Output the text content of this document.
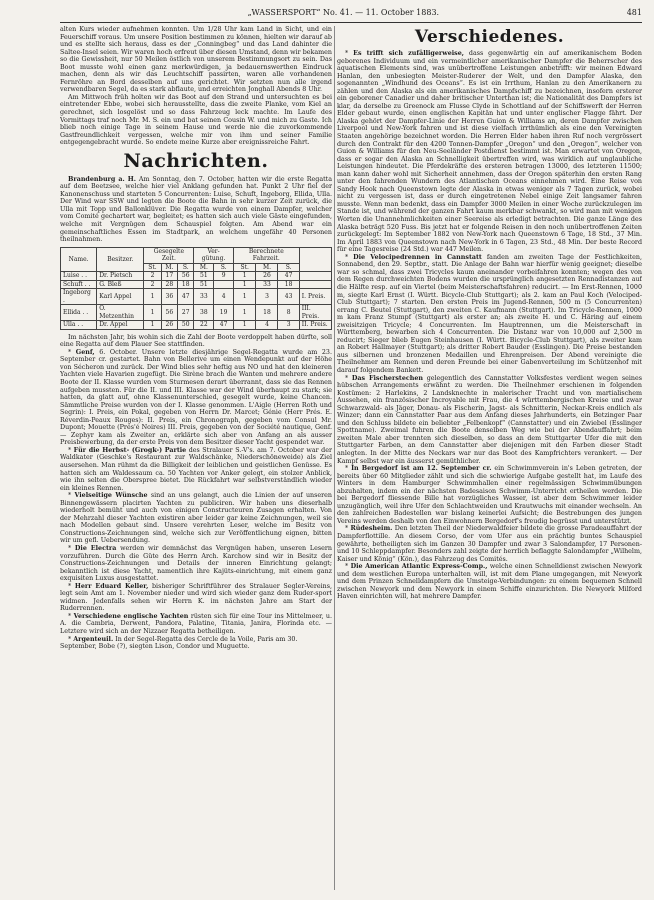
„WASSERSPORT“ No. 41. — 11. October 1883.	481

alten Kurs wieder aufnehmen konnten. Um 1/28 Uhr kam Land in Sicht, und ein Feuerschiff voraus. Um unsere Position bestimmen zu können, hielten wir darauf ab und es stellte sich heraus, dass es der „Conningbeg“ und das Land dahinter die Saltee-Insel seien. Wir waren hoch erfreut über diesen Umstand, denn wir bekamen so die Gewissheit, nur 50 Meilen östlich von unserem Bestimmungsort zu sein. Das Boot musste wohl einen ganz merkwürdigen, ja bedauernswerthen Eindruck machen, denn als wir das Leuchtschiff passirten, waren alle vorhandenen Fernröhre an Bord desselben auf uns gerichtet. Wir setzten nun alle irgend verwendbaren Segel, da es stark abflaute, und erreichten Jonghall Abends 8 Uhr.

Am Mittwoch früh holten wir das Boot auf den Strand und untersuchten es bei eintretender Ebbe, wobei sich herausstellte, dass die zweite Planke, vom Kiel an gerechnet, sich losgelöst und so dass Fahrzeug leck machte. Im Laufe des Vormittags traf noch Mr. M. S. ein und bat seinen Cousin W. und mich zu Gaste. Ich blieb noch einige Tage in seinem Hause und werde nie die zuvorkommende Gastfreundlichkeit vergessen, welche mir von ihm und seiner Familie entgegengebracht wurde. So endete meine Kurze aber ereignissreiche Fahrt.

Nachrichten.

Brandenburg a. H. Am Sonntag, den 7. October, hatten wir die erste Regatta auf dem Beetzsee, welche hier viel Anklang gefunden hat. Punkt 2 Uhr fiel der Kanonenschuss und starteten 5 Concurrenten: Luise, Schuft, Ingeborg, Ellida, Ulla. Der Wind war SSW und legten die Boote die Bahn in sehr kurzer Zeit zurück, die Ulla mit Topp und Ballonklüver. Die Regatta wurde von einem Dampfer, welcher vom Comité gechartert war, begleitet; es hatten sich auch viele Gäste eingefunden, welche mit Vergnügen dem Schauspiel folgten. Am Abend war ein gemeinschaftliches Essen im Stadtpark, an welchem ungefähr 40 Personen theilnahmen.

Name.	Besitzer.	Gesegelte Zeit.			Ver-gütung.		Berechnete Fahrzeit.			
		St.	M.	S.	M.	S.	St.	M.	S.	
Luise . .	Dr. Pietsch	2	17	56	51	9	1	26	47	
Schuft . .	G. Bleß	2	28	18	51		1	33	18	
Ingeborg .	Karl Appel	1	36	47	33	4	1	3	43	I. Preis.
Ellida . .	O. Metzenthin	1	56	27	38	19	1	18	8	III. Preis.
Ulla . .	Dr. Appel	1	26	50	22	47	1	4	3	II. Preis.

Im nächsten Jahr, bis wohin sich die Zahl der Boote verdoppelt haben dürfte, soll eine Regatta auf dem Plauer See stattfinden.

* Genf, 6. October. Unsere letzte diesjährige Segel-Regatta wurde am 23. September cr. gestartet. Bahn von Bellerive um einen Wendepunkt auf der Höhe von Sécheron und zurück. Der Wind blies sehr heftig aus NO und hat den kleineren Yachten viele Havarien zugefügt. Die Sirène brach die Wanten und mehrere andere Boote der II. Klasse wurden vom Sturmesen derart überrannt, dass sie das Rennen aufgeben mussten. Für die II. und III. Klasse war der Wind überhaupt zu stark; sie hatten, da glatt auf, ohne Klassenunterschied, gesegelt wurde, keine Chancen. Sämmtliche Preise wurden von der I. Klasse genommen. L'Aigle (Herren Roth und Segrin): I. Preis, ein Pokal, gegeben von Herrn Dr. Marcet; Génie (Herr Prés. E. Réverdin-Peaux Rouges): II. Preis, ein Chronograph, gegeben vom Consul Mr. Dupont; Mouette (Prés'é Noires) III. Preis, gegeben von der Société nautique, Genf. — Zephyr kam als Zweiter an, erklärte sich aber von Anfang an als ausser Preisbewerbung, da der erste Preis von dem Besitzer dieser Yacht gespendet war.

* Für die Herbst- (Grogk-) Partie des Stralauer S.-V's. am 7. October war der Waldkater (Geschke's Restaurant zur Waldschänke, Niederschöneweide) als Ziel ausersehen. Man rühmt da die Billigkeit der leiblichen und geistlichen Genüsse. Es hatten sich am Waldessaum ca. 50 Yachten vor Anker gelegt, ein stolzer Anblick, wie ihn selten die Oberspree bietet. Die Rückfahrt war selbstverständlich wieder ein kleines Rennen.

* Vielseitige Wünsche sind an uns gelangt, auch die Linien der auf unseren Binnengewässern placirten Yachten zu publiciren. Wir haben uns dieserhalb wiederholt bemüht und auch von einigen Constructeuren Zusagen erhalten. Von der Mehrzahl dieser Yachten existiren aber leider gar keine Zeichnungen, weil sie nach Modellen gebaut sind. Unsere verehrten Leser, welche im Besitz von Constructions-Zeichnungen sind, welche sich zur Veröffentlichung eignen, bitten wir um gefl. Uebersendung.

* Die Electra werden wir demnächst das Vergnügen haben, unseren Lesern vorzuführen. Durch die Güte des Herrn Arch. Karchow sind wir in Besitz der Constructions-Zeichnungen und Details der inneren Einrichtung gelangt; bekanntlich ist diese Yacht, namentlich ihre Kajüts-einrichtung, mit einem ganz exquisiten Luxus ausgestattet.

* Herr Eduard Keller, bisheriger Schriftführer des Stralauer Segler-Vereins, legt sein Amt am 1. November nieder und wird sich wieder ganz dem Ruder-sport widmen. Jedenfalls sehen wir Herrn K. im nächsten Jahre am Start der Ruderrennen.

* Verschiedene englische Yachten rüsten sich für eine Tour ins Mittelmeer, u. A. die Cambria, Derwent, Pandora, Palatine, Titania, Janira, Florinda etc. — Letztere wird sich an der Nizzaer Regatta betheiligen.

* Argenteuil. In der Segel-Regatta des Cercle de la Voile, Paris am 30. September, Bobe (?), siegten Lison, Condor und Muguette.

Verschiedenes.

* Es trifft sich zufälligerweise, dass gegenwärtig ein auf amerikanischem Boden geborenes Individuum und ein vermeintlicher amerikanischer Dampfer die Beherrscher des aquatischen Elements sind, was unübertroffene Leistungen anbetrifft: wir meinen Edward Hanlan, den unbesiegten Meister-Ruderer der Welt, und den Dampfer Alaska, den sogenannten „Windhund des Oceans“. Es ist ein Irrthum, Hanlan zu den Amerikanern zu zählen und den Alaska als ein amerikanisches Dampfschiff zu bezeichnen, insofern ersterer ein geborener Canadier und daher britischer Unterthan ist; die Nationalität des Dampfers ist klar, da derselbe zu Greenock am Flusse Clyde in Schottland auf der Schiffswerft der Herren Elder gebaut wurde, einen englischen Kapitän hat und unter englischer Flagge fährt. Der Alaska gehört der Dampfer-Linie der Herren Guion & Williams an, deren Dampfer zwischen Liverpool und New-York fahren und ist diese vielfach irrthümlich als eine den Vereinigten Staaten angehörige bezeichnet worden. Die Herren Elder haben ihren Ruf noch vergrössert durch den Contrakt für den 4200 Tonnen-Dampfer „Oregon“ und den „Oregon“, welcher von Guion & Williams für den Neu-Seeländer Postdienst bestimmt ist. Man erwartet von Oregon, dass er sogar den Alaska an Schnelligkeit übertreffen wird, was wirklich auf unglaubliche Leistungen hindeutet. Die Pferdekräfte des ersteren betragen 13000, des letzteren 11500; man kann daher wohl mit Sicherheit annehmen, dass der Oregon späterhin den ersten Rang unter den fahrenden Wundern des Atlantischen Oceans einnehmen wird. Eine Reise von Sandy Hook nach Queenstown legte der Alaska in etwas weniger als 7 Tagen zurück, wobei nicht zu vergessen ist, dass er durch eingetretenen Nebel einige Zeit langsamer fahren musste. Wenn man bedenkt, dass ein Dampfer 3000 Meilen in einer Woche zurückzulegen im Stande ist, und während der ganzen Fahrt kaum merkbar schwankt, so wird man mit wenigen Worten die Unannehmlichkeiten einer Seereise als erledigt betrachten. Die ganze Länge des Alaska beträgt 520 Fuss. Bis jetzt hat er folgende Reisen in den noch unübertroffenen Zeiten zurückgelegt: Im September 1882 von New-York nach Queenstown 6 Tage, 18 Std., 37 Min. Im April 1883 von Queenstown nach New-York in 6 Tagen, 23 Std., 48 Min. Der beste Record für eine Tagesreise (24 Std.) war 447 Meilen.

* Die Velocipedrennen in Cannstatt fanden am zweiten Tage der Festlichkeiten, Sonnabend, den 29. Septbr., statt. Die Anlage der Bahn war hierfür wenig geeignet; dieselbe war so schmal, dass zwei Tricycles kaum aneinander vorbeifahren konnten; wegen des von dem Regen durchweichten Bodens wurden die ursprünglich angesetzten Rennadistanzen auf die Hälfte resp. auf ein Viertel (beim Meisterschaftsfahren) reducirt. — Im Erst-Rennen, 1000 m, siegte Karl Ernst (I. Württ. Bicycle-Club Stuttgart); als 2. kam an Paul Koch (Velociped-Club Stuttgart); 7 starten. Den ersten Preis im Jugend-Rennen, 500 m (5 Concurrenten) errang C. Beutel (Stuttgart), den zweiten C. Kaufmann (Stuttgart). Im Tricycle-Rennen, 1000 m kam Franz Stumpf (Stuttgart) als erster an; als zweite H. und C. Häring auf einem zweisitzigen Tricycle; 4 Concurrenten. Im Hauptrennen, um die Meisterschaft in Württemberg, bewarben sich 4 Concurrenten. Die Distanz war von 10,000 auf 2,500 m reducirt; Sieger blieb Eugen Steinhausen (I. Württ. Bicycle-Club Stuttgart), als zweiter kam an Robert Hallmayer (Stuttgart); als dritter Robert Bauder (Esslingen). Die Preise bestanden aus silbernen und bronzenen Medaillen und Ehrenpreisen. Der Abend vereinigte die Theilnehmer am Rennen und deren Freunde bei einer Gabenverteilung im Schützenhof mit darauf folgendem Bankett.

* Das Fischerstechen gelegentlich des Cannstatter Volksfestes verdient wegen seines hübschen Arrangements erwähnt zu werden. Die Theilnehmer erschienen in folgenden Kostümen: 2 Harlekins, 2 Landsknechte in malerischer Tracht und von martialischem Aussehen, ein französischer Incroyable mit Frau, die 4 württembergischen Kreise und zwar Schwarzwald- als Jäger, Donau- als Fischerin, Jagst- als Schnitterin, Neckar-Kreis endlich als Winzer; dann ein Cannstatter Paar aus dem Anfang dieses Jahrhunderts, ein Betzinger Paar und den Schluss bildete ein beliebter „Felbenkopf“ (Cannstatter) und ein Zwiebel (Esslinger Spottname). Zweimal fuhren die Boote denselben Weg wie bei der Abendauffahrt; beim zweiten Male aber trennten sich dieselben, so dass an dem Stuttgarter Ufer die mit den Stuttgarter Farben, an dem Cannstatter aber diejenigen mit den Farben dieser Stadt anlegten. In der Mitte des Neckars war nur das Boot des Kampfrichters verankert. — Der Kampf selbst war ein äusserst gemüthlicher.

* In Bergedorf ist am 12. September cr. ein Schwimmverein in's Leben getreten, der bereits über 60 Mitglieder zählt und sich die schwierige Aufgabe gestellt hat, im Laufe des Winters in dem Hamburger Schwimmhallen einer regelmässigen Schwimmübungen abzuhalten, indem ein der nächsten Badesaison Schwimm-Unterricht ertheilen werden. Die bei Bergedorf fliessende Bille hat vorzügliches Wasser, ist aber dem Schwimmer leider unzugänglich, weil ihre Ufer den Schlachtweiden und Krautwuchs mit einander wechseln. An den zahlreichen Badestellen war bislang keinerlei Aufsicht; die Bestrebungen des jungen Vereins werden deshalb von den Einwohnern Bergedorf's freudig begrüsst und unterstützt.

* Rüdesheim. Den letzten Theil der Niederwaldfeier bildete die grosse Paradeauffahrt der Dampferflottille. An diesem Corso, der vom Ufer aus ein prächtig buntes Schauspiel gewährte, betheiligten sich im Ganzen 30 Dampfer und zwar 3 Salondampfer, 17 Personen- und 10 Schleppdampfer. Besonders zahl zeigte der herrlich beflaggte Salondampfer „Wilhelm, Kaiser und König“ (Kön.), das Fahrzeug des Comités.

* Die American Atlantic Express-Comp., welche einen Schnelldienst zwischen Newyork und dem westlichen Europa unterhalten will, ist mit dem Plane umgegangen, mit Newyork und dem Prinzen Schnelldampfern die Umsteige-Verbindungen: zu einem bequemen Schnell zwischen Newyork und dem Newyork in einem Schiffe einzurichten. Die Newyork Milford Haven einrichten will, hat mehrere Dampfer.
